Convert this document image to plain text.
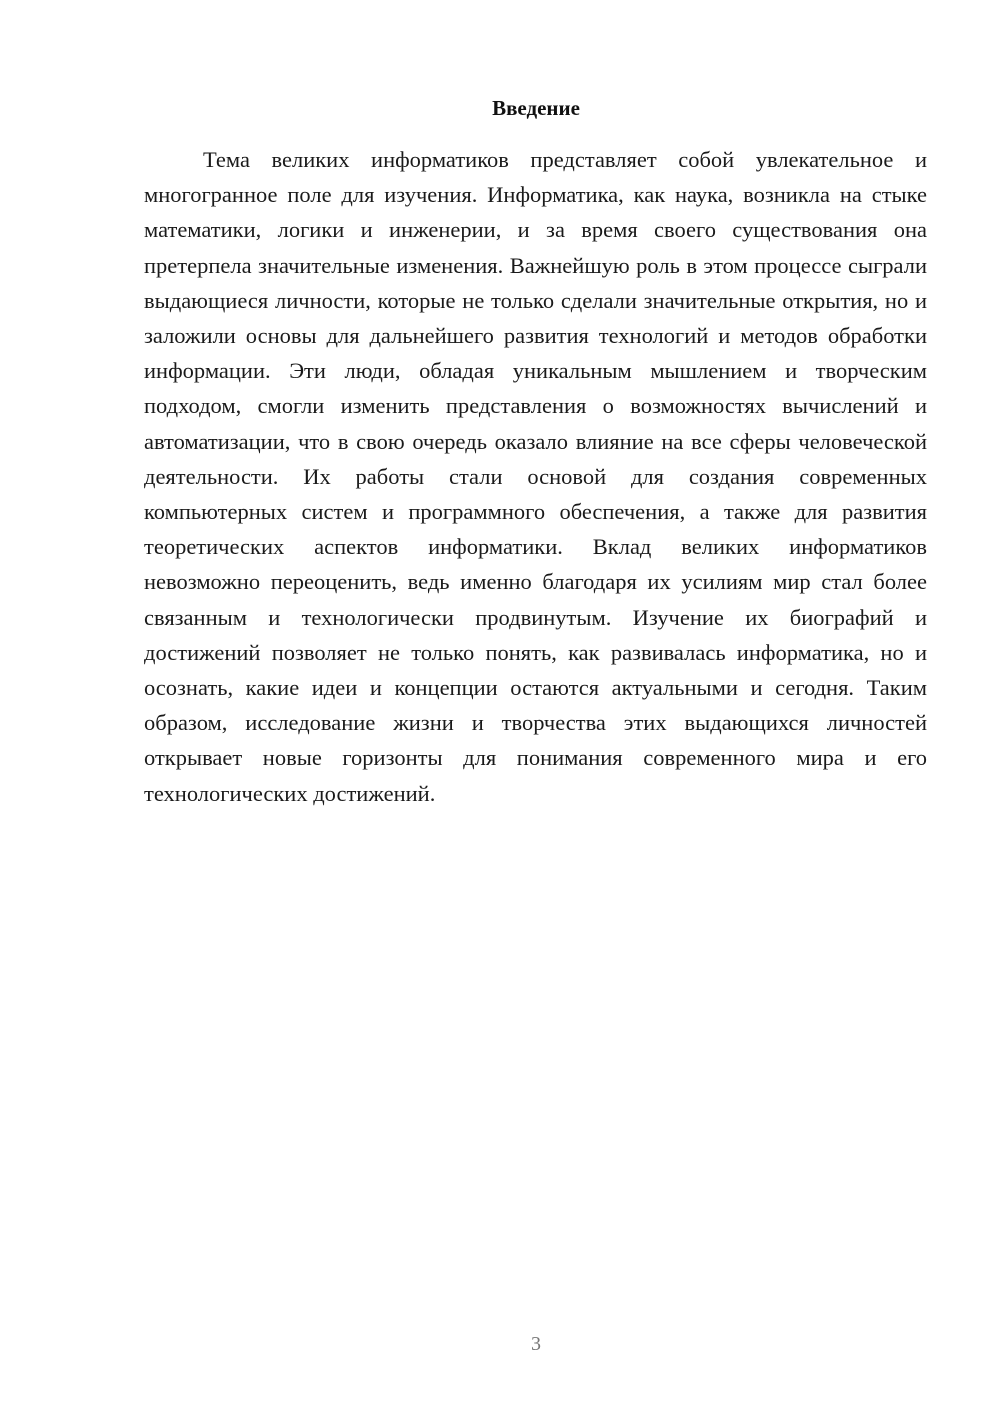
Введение

Тема великих информатиков представляет собой увлекательное и многогранное поле для изучения. Информатика, как наука, возникла на стыке математики, логики и инженерии, и за время своего существования она претерпела значительные изменения. Важнейшую роль в этом процессе сыграли выдающиеся личности, которые не только сделали значительные открытия, но и заложили основы для дальнейшего развития технологий и методов обработки информации. Эти люди, обладая уникальным мышлением и творческим подходом, смогли изменить представления о возможностях вычислений и автоматизации, что в свою очередь оказало влияние на все сферы человеческой деятельности. Их работы стали основой для создания современных компьютерных систем и программного обеспечения, а также для развития теоретических аспектов информатики. Вклад великих информатиков невозможно переоценить, ведь именно благодаря их усилиям мир стал более связанным и технологически продвинутым. Изучение их биографий и достижений позволяет не только понять, как развивалась информатика, но и осознать, какие идеи и концепции остаются актуальными и сегодня. Таким образом, исследование жизни и творчества этих выдающихся личностей открывает новые горизонты для понимания современного мира и его технологических достижений.

3
